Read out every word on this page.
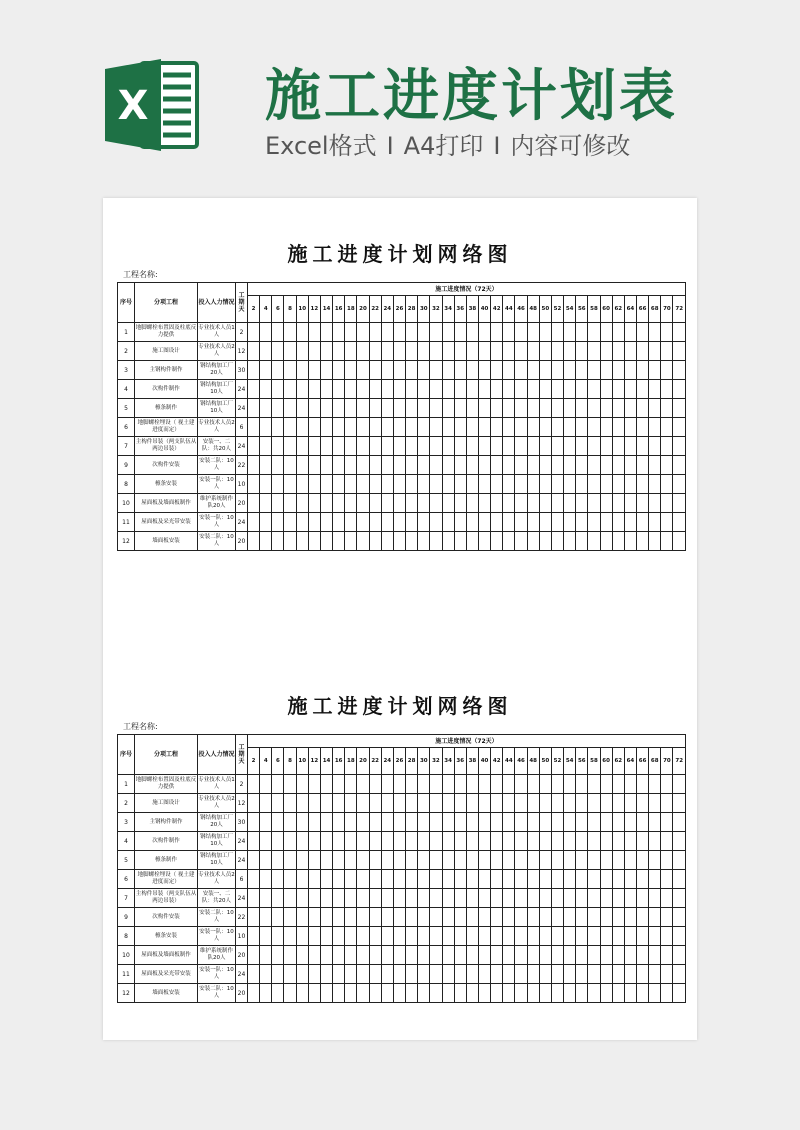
X 施工进度计划表
Excel格式 I A4打印 I 内容可修改
施工进度计划网络图
工程名称:
序号	分项工程	投入人力情况	工期天	施工进度情况（72天）																																			
				2	4	6	8	10	12	14	16	18	20	22	24	26	28	30	32	34	36	38	40	42	44	46	48	50	52	54	56	58	60	62	64	66	68	70	72
1	地脚螺栓布置固及柱底反力提供	专业技术人员1人	2																																				
2	施工图设计	专业技术人员2人	12																																				
3	主钢构件制作	钢结构加工厂20人	30																																				
4	次构件制作	钢结构加工厂10人	24																																				
5	檩条制作	钢结构加工厂10人	24																																				
6	地脚螺栓埋设（ 视土建进度而定）	专业技术人员2人	6																																				
7	主构件吊装（两支队伍从两边吊装）	安装一、二队：共20人	24																																				
9	次构件安装	安装二队：10人	22																																				
8	檩条安装	安装一队：10人	10																																				
10	屋面板及墙面板制作	维护系统制作队20人	20																																				
11	屋面板及采光带安装	安装一队：10人	24																																				
12	墙面板安装	安装二队：10人	20																																				
施工进度计划网络图
工程名称:
序号	分项工程	投入人力情况	工期天	施工进度情况（72天）																																			
				2	4	6	8	10	12	14	16	18	20	22	24	26	28	30	32	34	36	38	40	42	44	46	48	50	52	54	56	58	60	62	64	66	68	70	72
1	地脚螺栓布置固及柱底反力提供	专业技术人员1人	2																																				
2	施工图设计	专业技术人员2人	12																																				
3	主钢构件制作	钢结构加工厂20人	30																																				
4	次构件制作	钢结构加工厂10人	24																																				
5	檩条制作	钢结构加工厂10人	24																																				
6	地脚螺栓埋设（ 视土建进度而定）	专业技术人员2人	6																																				
7	主构件吊装（两支队伍从两边吊装）	安装一、二队：共20人	24																																				
9	次构件安装	安装二队：10人	22																																				
8	檩条安装	安装一队：10人	10																																				
10	屋面板及墙面板制作	维护系统制作队20人	20																																				
11	屋面板及采光带安装	安装一队：10人	24																																				
12	墙面板安装	安装二队：10人	20																																				
